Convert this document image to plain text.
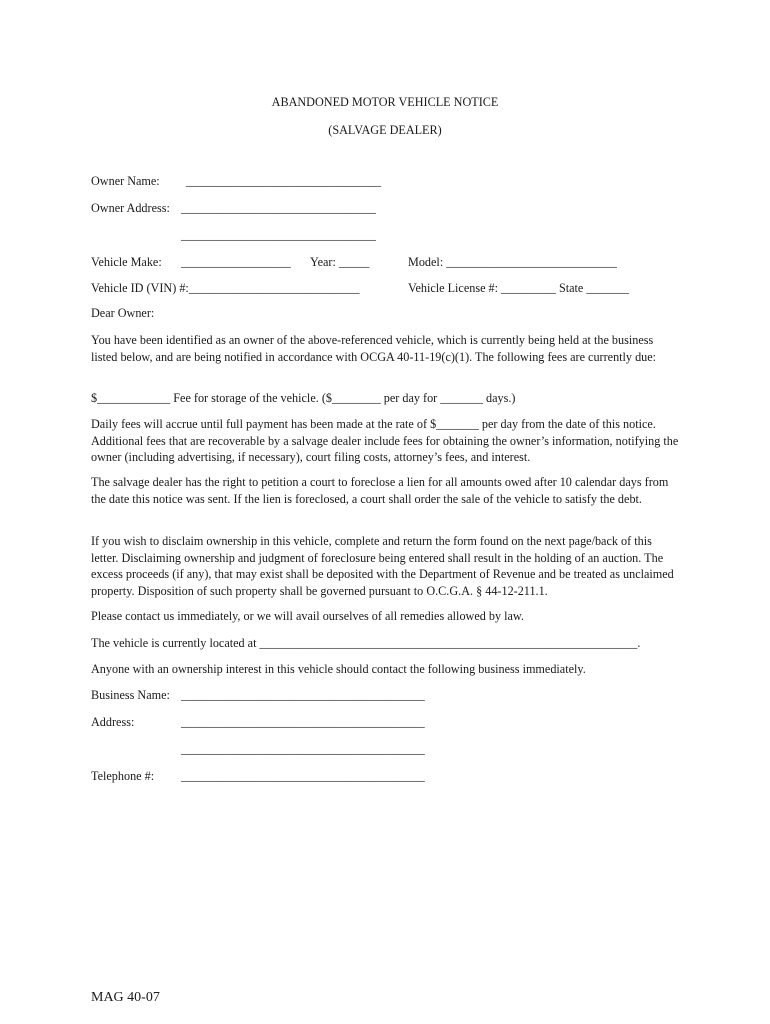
ABANDONED MOTOR VEHICLE NOTICE
(SALVAGE DEALER)
Owner Name: ________________________________
Owner Address: ________________________________
________________________________
Vehicle Make: __________________ Year: _____	Model: ____________________________
Vehicle ID (VIN) #:____________________________	Vehicle License #: _________ State _______
Dear Owner:
You have been identified as an owner of the above-referenced vehicle, which is currently being held at the business listed below, and are being notified in accordance with OCGA 40-11-19(c)(1). The following fees are currently due:
$____________ Fee for storage of the vehicle. ($________ per day for _______ days.)
Daily fees will accrue until full payment has been made at the rate of $_______ per day from the date of this notice. Additional fees that are recoverable by a salvage dealer include fees for obtaining the owner’s information, notifying the owner (including advertising, if necessary), court filing costs, attorney’s fees, and interest.
The salvage dealer has the right to petition a court to foreclose a lien for all amounts owed after 10 calendar days from the date this notice was sent. If the lien is foreclosed, a court shall order the sale of the vehicle to satisfy the debt.
If you wish to disclaim ownership in this vehicle, complete and return the form found on the next page/back of this letter. Disclaiming ownership and judgment of foreclosure being entered shall result in the holding of an auction. The excess proceeds (if any), that may exist shall be deposited with the Department of Revenue and be treated as unclaimed property. Disposition of such property shall be governed pursuant to O.C.G.A. § 44-12-211.1.
Please contact us immediately, or we will avail ourselves of all remedies allowed by law.
The vehicle is currently located at ______________________________________________________________.
Anyone with an ownership interest in this vehicle should contact the following business immediately.
Business Name: ________________________________________
Address:	________________________________________
________________________________________
Telephone #: ________________________________________
MAG 40-07
